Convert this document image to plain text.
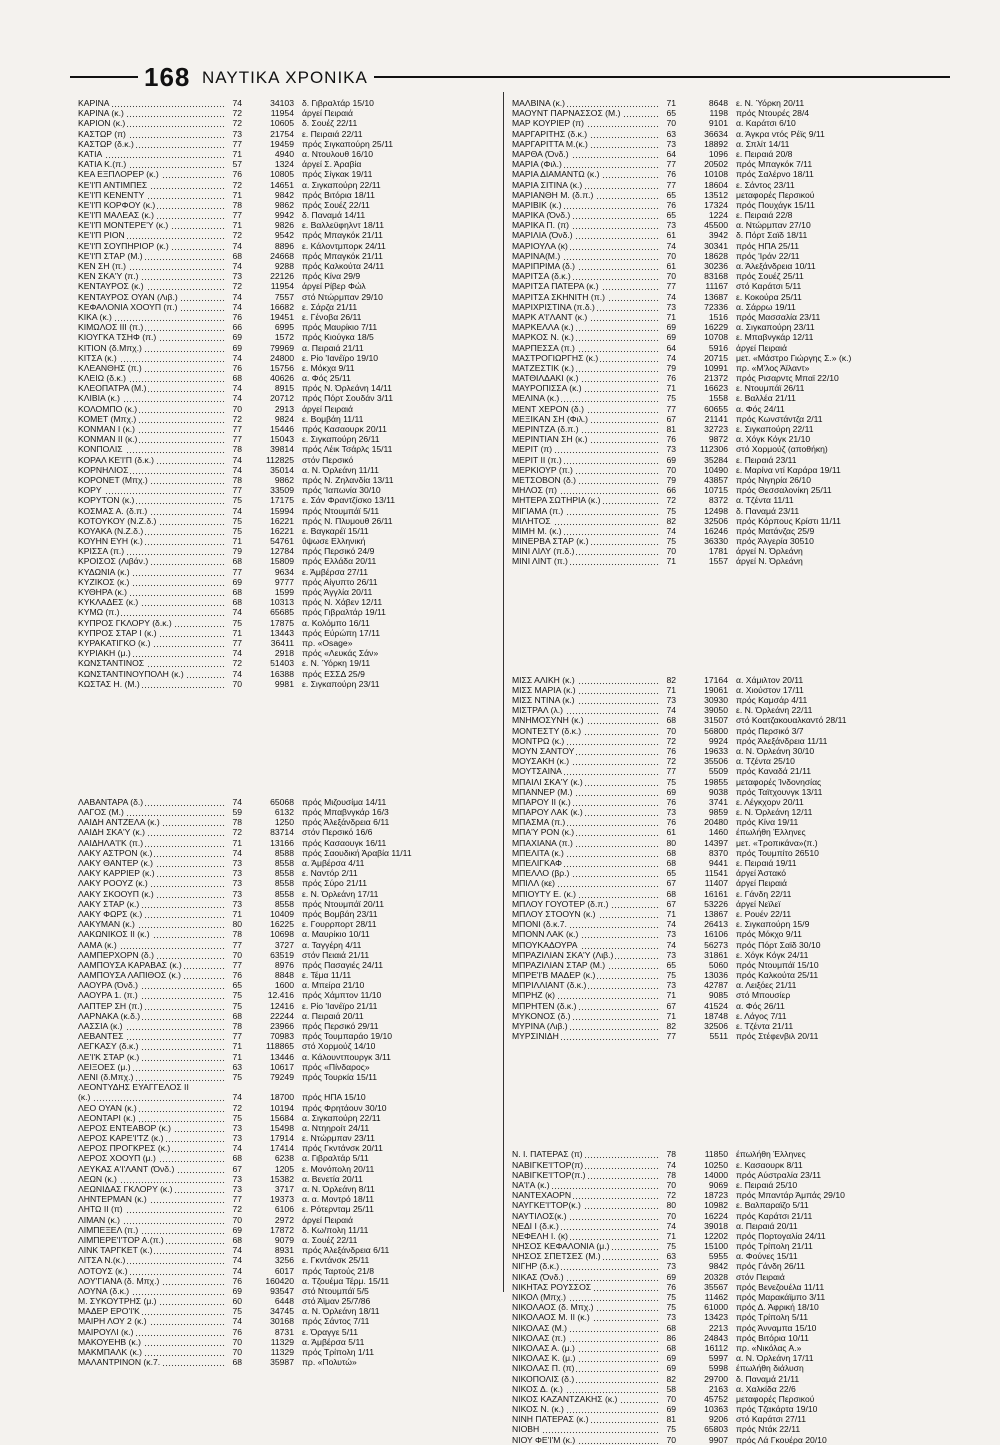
168 ΝΑΥΤΙΚΑ ΧΡΟΝΙΚΑ
ΚΑΡΙΝΑ	74	34103 δ. Γιβραλτάρ 15/10
ΚΑΡΙΝΑ (κ.)	72	11954 άργεί Πειραιά
ΚΑΡΙΟΝ (κ.)	72	10605 δ. Σουέζ 22/11
ΚΑΣΤΩΡ (π)	73	21754 ε. Πειραιά 22/11
ΚΑΣΤΩΡ (δ.κ.)	77	19459 πρός Σιγκαπούρη 25/11
ΚΑΤΙΑ	71	4940 α. Ντουλουθ 16/10
ΚΑΤΙΑ Κ.(π.)	57	1324 άργεί Σ. Άραβία
ΚΕΑ ΕΞΠΛΟΡΕΡ (κ.)	76	10805 πρός Σίγκακ 19/11
ΚΕ'Ι'Π ΑΝΤΙΜΠΕΣ	72	14651 α. Σιγκαπούρη 22/11
ΚΕ'Ι'Π ΚΕΝΕΝΤΥ	71	9842 πρός Βιτόρια 18/11
ΚΕ'Ι'Π ΚΟΡΦΟΥ (κ.)	78	9862 πρός Σουέζ 22/11
ΚΕ'Ι'Π ΜΑΛΕΑΣ (κ.)	77	9942 δ. Παναμά 14/11
ΚΕ'Ι'Π ΜΟΝΤΕΡΕ'Υ (κ.)	71	9826 ε. Βαλλεϋφηλντ 18/11
ΚΕ'Ι'Π ΡΙΟΝ	72	9542 πρός Μπαγκόκ 21/11
ΚΕ'Ι'Π ΣΟΥΠΗΡΙΟΡ (κ.)	74	8896 ε. Κάλοντμπορκ 24/11
ΚΕ'Ι'Π ΣΤΑΡ (Μ.)	68	24668 πρός Μπαγκόκ 21/11
ΚΕΝ ΣΗ (π.)	74	9288 πρός Καλκούτα 24/11
ΚΕΝ ΣΚΑ'Υ (π.)	73	22126 πρός Κίνα 29/9
ΚΕΝΤΑΥΡΟΣ (κ.)	72	11954 άργεί Ρίβερ Φώλ
ΚΕΝΤΑΥΡΟΣ ΟΥΑΝ (Λιβ.)	74	7557 στό Ντώρμπαν 29/10
ΚΕΦΑΛΟΝΙΑ ΧΟΟΥΠ (π.)	74	16682 ε. Σάρζα 21/11
ΚΙΚΑ (κ.)	76	19451 ε. Γένοβα 26/11
ΚΙΜΩΛΟΣ ΙΙΙ (π.)	66	6995 πρός Μαυρίκιο 7/11
ΚΙΟΥΓΚΑ ΤΣΗΦ (π.)	69	1572 πρός Κιούγκα 18/5
ΚΙΤΙΟΝ (δ.Μπχ.)	69	79969 α. Πειραιά 21/11
ΚΙΤΣΑ (κ.)	74	24800 ε. Ρίο 'Ιανέϊρο 19/10
ΚΛΕΑΝΘΗΣ (π.)	76	15756 ε. Μόκχα 9/11
ΚΛΕΙΩ (δ.κ.)	68	40626 α. Φός 25/11
ΚΛΕΟΠΑΤΡΑ (Μ.)	74	8915 πρός Ν. Όρλεάνη 14/11
ΚΛΙΒΙΑ (κ.)	74	20712 πρός Πόρτ Σουδάν 3/11
ΚΟΛΟΜΠΟ (κ.)	70	2913 άργεί Πειραιά
ΚΟΜΕΤ (Μπχ.)	72	9824 ε. Βομβάη 11/11
ΚΟΝΜΑΝ Ι (κ.)	77	15446 πρός Κασαουρκ 20/11
ΚΟΝΜΑΝ ΙΙ (κ.)	77	15043 ε. Σιγκαπούρη 26/11
ΚΟΝΠΟΛΙΣ	78	39814 πρός Λέικ Τσάρλς 15/11
ΚΟΡΑΛ ΚΕ'Ι'Π (δ.κ.)	74	112825 στόν Περσικό
ΚΟΡΝΗΛΙΟΣ	74	35014 α. Ν. Όρλεάνη 11/11
ΚΟΡΟΝΕΤ (Μπχ.)	78	9862 πρός Ν. Ζηλανδία 13/11
ΚΟΡΥ	77	33509 πρός 'Ιαπωνία 30/10
ΚΟΡΥΤΟΝ (κ.)	75	17175 ε. Σάν Φραντζίσκο 13/11
ΚΟΣΜΑΣ Α. (δ.π.)	74	15994 πρός Ντουμπάϊ 5/11
ΚΟΤΟΥΚΟΥ (Ν.Ζ.δ.)	75	16221 πρός Ν. Πλυμουθ 26/11
ΚΟΥΑΚΑ (Ν.Ζ.δ.)	75	16221 ε. Βαγκαρέϊ 15/11
ΚΟΥΗΝ ΕΥΗ (κ.)	71	54761 ΰψωσε Ελληνική
ΚΡΙΣΣΑ (π.)	79	12784 πρός Περσικό 24/9
ΚΡΟΙΣΟΣ (Λιβάν.)	68	15809 πρός Ελλάδα 20/11
ΚΥΔΩΝΙΑ (κ.)	77	9634 ε. Άμβέρσα 27/11
ΚΥΖΙΚΟΣ (κ.)	69	9777 πρός Αίγυπτο 26/11
ΚΥΘΗΡΑ (κ.)	68	1599 πρός Άγγλία 20/11
ΚΥΚΛΑΔΕΣ (κ.)	68	10313 πρός Ν. Χάβεν 12/11
ΚΥΜΩ (π.)	74	65685 πρός Γιβραλτάρ 19/11
ΚΥΠΡΟΣ ΓΚΛΟΡΥ (δ.κ.)	75	17875 α. Κολόμπο 16/11
ΚΥΠΡΟΣ ΣΤΑΡ Ι (κ.)	71	13443 πρός Εύρώπη 17/11
ΚΥΡΑΚΑΤΙΓΚΟ (κ.)	77	36411 πρ. «Osage»
ΚΥΡΙΑΚΗ (μ.)	74	2918 πρός «Λευκάς Σάν»
ΚΩΝΣΤΑΝΤΙΝΟΣ	72	51403 ε. Ν. Ύόρκη 19/11
ΚΩΝΣΤΑΝΤΙΝΟΥΠΟΛΗ (κ.)	74	16388 πρός ΕΣΣΔ 25/9
ΚΩΣΤΑΣ Η. (Μ.)	70	9981 ε. Σιγκαπούρη 23/11
ΛΑΒΑΝΤΑΡΑ (δ.)	74	65068 πρός Μιζουσίμα 14/11
ΛΑΓΟΣ (Μ.)	59	6132 πρός Μπαβνγκάρ 16/3
ΛΑΙΔΗ ΑΝΤΖΕΛΑ (κ.)	78	1250 πρός Άλεξάνδρεια 6/11
ΛΑΙΔΗ ΣΚΑ'Υ (κ.)	72	83714 στόν Περσικό 16/6
ΛΑΙΔΗΛΑ'Ι'Κ (π.)	71	13166 πρός Κασαουγκ 16/11
ΛΑΚΥ ΑΣΤΡΟΝ (κ.)	74	8588 πρός Σαουδική Άραβία 11/11
ΛΑΚΥ ΘΑΝΤΕΡ (κ.)	73	8558 α. Άμβέρσα 4/11
ΛΑΚΥ ΚΑΡΡΙΕΡ (κ.)	73	8558 ε. Ναντόρ 2/11
ΛΑΚΥ ΡΟΟΥΖ (κ.)	73	8558 πρός Σύρο 21/11
ΛΑΚΥ ΣΚΟΟΥΠ (κ.)	73	8558 ε. Ν. Όρλεάνη 17/11
ΛΑΚΥ ΣΤΑΡ (κ.)	73	8558 πρός Ντουμπάϊ 20/11
ΛΑΚΥ ΦΩΡΣ (κ.)	71	10409 πρός Βομβάη 23/11
ΛΑΚΥΜΑΝ (κ.)	80	16225 ε. Γουρρπορτ 28/11
ΛΑΚΩΝΙΚΟΣ ΙΙ (κ.)	78	10698 α. Μαυρίκιο 10/11
ΛΑΜΑ (κ.)	77	3727 α. Ταγγέρη 4/11
ΛΑΜΠΕΡΧΟΡΝ (δ.)	70	63519 στόν Πειαιά 21/11
ΛΑΜΠΟΥΣΑ ΚΑΡΑΒΑΣ (κ.)	77	8976 πρός Πασαγιές 24/11
ΛΑΜΠΟΥΣΑ ΛΑΠΙΘΟΣ (κ.)	76	8848 ε. Τέμα 11/11
ΛΑΟΥΡΑ (Όνδ.)	65	1600 α. Μπείρα 21/10
ΛΑΟΥΡΑ 1. (π.)	75	12.416 πρός Χάμπτον 11/10
ΛΑΠΤΕΡ ΣΗ (π.)	75	12416 ε. Ρίο 'Ιανέϊρο 21/11
ΛΑΡΝΑΚΑ (κ.δ.)	68	22244 α. Πειραιά 20/11
ΛΑΣΣΙΑ (κ.)	78	23966 πρός Περσικό 29/11
ΛΕΒΑΝΤΕΣ	77	70983 πρός Τουμπαράο 19/10
ΛΕΓΚΑΣΥ (δ.κ.)	71	118865 στό Χορμούζ 14/10
ΛΕ'Ι'Κ ΣΤΑΡ (κ.)	71	13446 α. Κάλουντπουργκ 3/11
ΛΕΙΞΟΕΣ (μ.)	63	10617 πρός «Πίνδαρος»
ΛΕΝΙ (δ.Μπχ.)	75	79249 πρός Τουρκία 15/11
ΛΕΟΝΤΥΔΗΣ ΕΥΑΓΓΕΛΟΣ ΙΙ
(κ.)	74	18700 πρός ΗΠΑ 15/10
ΛΕΟ ΟΥΑΝ (κ.)	72	10194 πρός Φρητάουν 30/10
ΛΕΟΝΤΑΡΙ (κ.)	75	15684 α. Σιγκαπούρη 22/11
ΛΕΡΟΣ ΕΝΤΕΑΒΟΡ (κ.)	73	15498 α. Ντηηροίτ 24/11
ΛΕΡΟΣ ΚΑΡΕ'Ι'ΤΖ (κ.)	73	17914 ε. Ντώρμπαν 23/11
ΛΕΡΟΣ ΠΡΟΓΚΡΕΣ (κ.)	74	17414 πρός Γκντάνσκ 20/11
ΛΕΡΟΣ ΧΟΟΥΠ (μ.)	68	6238 α. Γιβραλτάρ 5/11
ΛΕΥΚΑΣ Α'Ι'ΛΑΝΤ (Όνδ.)	67	1205 ε. Μονόπολη 20/11
ΛΕΩΝ (κ.)	73	15382 α. Βενετία 20/11
ΛΕΩΝΙΔΑΣ ΓΚΛΟΡΥ (κ.)	73	3717 α. Ν. Όρλεάνη 8/11
ΛΗΝΤΕΡΜΑΝ (κ.)	77	19373 α. α. Μοντρό 18/11
ΛΗΤΩ ΙΙ (π)	72	6106 ε. Ρότερνταμ 25/11
ΛΙΜΑΝ (κ.)	70	2972 άργεί Πειραιά
ΛΙΜΠΕΞΕΛ (π.)	69	17872 δ. Κω/πολη 11/11
ΛΙΜΠΕΡΕ'Ι'ΤΟΡ Α.(π.)	68	9079 α. Σουέζ 22/11
ΛΙΝΚ ΤΑΡΓΚΕΤ (κ.)	74	8931 πρός Άλεξάνδρεια 6/11
ΛΙΤΣΑ Ν.(κ.)	74	3256 ε. Γκντάνσκ 25/11
ΛΟΤΟΥΣ (κ.)	74	6017 πρός Ταρτούς 21/8
ΛΟΥ'ΓΙΑΝΑ (δ. Μπχ.)	76	160420 α. Τζουέμα Τέρμ. 15/11
ΛΟΥΝΑ (δ.κ.)	69	93547 στό Ντουμπάϊ 5/5
Μ. ΣΥΚΟΥΤΡΗΣ (μ.)	60	6448 στό Άϊμαν 25/7/86
ΜΑΔΕΡ ΕΡΟ'Ι'Κ	75	34745 α. Ν. Όρλεάνη 18/11
ΜΑΙΡΗ ΛΟΥ 2 (κ.)	74	30168 πρός Σάντος 7/11
ΜΑΙΡΟΥΛΙ (κ.)	76	8731 ε. Όραγγε 5/11
ΜΑΚΟΥΕΗΒ (κ.)	70	11329 α. Άμβέρσα 5/11
ΜΑΚΜΠΑΛΚ (κ.)	70	11329 πρός Τρίπολη 1/11
ΜΑΛΑΝΤΡΙΝΟΝ (κ.7.	68	35987 πρ. «Πολυτώ»
ΜΑΛΒΙΝΑ (κ.)	71	8648 ε. Ν. Ύόρκη 20/11
ΜΑΟΥΝΤ ΠΑΡΝΑΣΣΟΣ (Μ.)	65	1198 πρός Ντουρές 28/4
ΜΑΡ ΚΟΥΡΙΕΡ (π)	70	9101 α. Καράτσι 6/10
ΜΑΡΓΑΡΙΤΗΣ (δ.κ.)	63	36634 α. Άγκρα ντός Ρέϊς 9/11
ΜΑΡΓΑΡΙΤΤΑ Μ.(κ.)	73	18892 α. Σπλίτ 14/11
ΜΑΡΘΑ (Όνδ.)	64	1096 ε. Πειραιά 20/8
ΜΑΡΙΑ (Φιλ.)	77	20502 πρός Μπαγκόκ 7/11
ΜΑΡΙΑ ΔΙΑΜΑΝΤΩ (κ.)	76	10108 πρός Σαλέρνο 18/11
ΜΑΡΙΑ ΣΙΤΙΝΑ (κ.)	77	18604 ε. Σάντος 23/11
ΜΑΡΙΑΝΘΗ Μ. (δ.π.)	65	13512 μεταφορές Περσικού
ΜΑΡΙΒΙΚ (κ.)	76	17324 πρός Πουχάγκ 15/11
ΜΑΡΙΚΑ (Όνδ.)	65	1224 ε. Πειραιά 22/8
ΜΑΡΙΚΑ Π. (π)	73	45500 α. Ντώρμπαν 27/10
ΜΑΡΙΛΙΑ (Όνδ.)	61	3942 δ. Πόρτ Σαϊδ 18/11
ΜΑΡΙΟΥΛΑ (κ)	74	30341 πρός ΗΠΑ 25/11
ΜΑΡΙΝΑ(Μ.)	70	18628 πρός 'Ιράν 22/11
ΜΑΡΙΠΡΙΜΑ (δ.)	61	30236 α. Άλεξάνδρεια 10/11
ΜΑΡΙΤΣΑ (δ.κ.)	70	83168 πρός Σουέζ 25/11
ΜΑΡΙΤΣΑ ΠΑΤΕΡΑ (κ.)	77	11167 στό Καράτσι 5/11
ΜΑΡΙΤΣΑ ΣΚΗΝΙΤΗ (π.)	74	13687 ε. Κοκούρα 25/11
ΜΑΡΙΧΡΙΣΤΙΝΑ (π.δ.)	73	72336 α. Σάρρω 19/11
ΜΑΡΚ Α'Ι'ΛΑΝΤ (κ.)	71	1516 πρός Μασσαλία 23/11
ΜΑΡΚΕΛΛΑ (κ.)	69	16229 α. Σιγκαπούρη 23/11
ΜΑΡΚΟΣ Ν. (κ.)	69	10708 ε. Μπαβνγκάρ 12/11
ΜΑΡΠΕΣΣΑ (π.)	64	5916 άργεί Πειραιά
ΜΑΣΤΡΟΓΙΩΡΓΗΣ (κ.)	74	20715 μετ. «Μάστρο Γιώργης Σ.» (κ.)
ΜΑΤΖΕΣΤΙΚ (κ.)	79	10991 πρ. «Μ'λος Άϊλαντ»
ΜΑΤΘΙΛΔΑΚΙ (κ.)	76	21372 πρός Ρισαρντς Μπαϊ 22/10
ΜΑΥΡΟΠΙΣΣΑ (κ.)	71	16623 ε. Ντουμπάϊ 26/11
ΜΕΛΙΝΑ (κ.)	75	1558 ε. Βαλλέα 21/11
ΜΕΝΤ ΧΕΡΟΝ (δ.)	77	60655 α. Φός 24/11
ΜΕΞΙΚΑΝ ΣΗ (Φιλ.)	67	21141 πρός Κωνστάντζα 2/11
ΜΕΡΙΝΤΖΑ (δ.π.)	81	32723 ε. Σιγκαπούρη 22/11
ΜΕΡΙΝΤΙΑΝ ΣΗ (κ.)	76	9872 α. Χόγκ Κόγκ 21/10
ΜΕΡΙΤ (π)	73	112306 στό Χορμούζ (αποθήκη)
ΜΕΡΙΤ ΙΙ (π.)	69	35284 ε. Πειραιά 23/11
ΜΕΡΚΙΟΥΡ (π.)	70	10490 ε. Μαρίνα ντί Καράρα 19/11
ΜΕΤΣΟΒΟΝ (δ.)	79	43857 πρός Νιγηρία 26/10
ΜΗΛΟΣ (π)	66	10715 πρός Θεσσαλονίκη 25/11
ΜΗΤΕΡΑ ΣΩΤΗΡΙΑ (κ.)	72	8372 α. Τζέντα 11/11
ΜΙΓΙΑΜΑ (π.)	75	12498 δ. Παναμά 23/11
ΜΙΛΗΤΟΣ	82	32506 πρός Κόρπους Κρίστι 11/11
ΜΙΜΗ Μ. (κ.)	74	16246 πρός Ματάνζας 25/9
ΜΙΝΕΡΒΑ ΣΤΑΡ (κ.)	75	36330 πρός Άλγερία 30510
ΜΙΝΙ ΛΙΛΥ (π.δ.)	70	1781 άργεί Ν. Όρλεάνη
ΜΙΝΙ ΛΙΝΤ (π.)	71	1557 άργεί Ν. Όρλεάνη
ΜΙΣΣ ΑΛΙΚΗ (κ.)	82	17164 α. Χάμιλτον 20/11
ΜΙΣΣ ΜΑΡΙΑ (κ.)	71	19061 α. Χιούστον 17/11
ΜΙΣΣ ΝΤΙΝΑ (κ.)	73	30930 πρός Καμσάρ 4/11
ΜΙΣΤΡΑΛ (λ.)	74	39050 ε. Ν. Όρλεάνη 22/11
ΜΝΗΜΟΣΥΝΗ (κ.)	68	31507 στό Κοατζακουαλκαντό 28/11
ΜΟΝΤΕΣΤΥ (δ.κ.)	70	56800 πρός Περσικό 3/7
ΜΟΝΤΡΩ (κ.)	72	9924 πρός Άλεξάνδρεια 11/11
ΜΟΥΝ ΣΑΝΤΟΥ	76	19633 α. Ν. Όρλεάνη 30/10
ΜΟΥΣΑΚΗ (κ.)	72	35506 α. Τζέντα 25/10
ΜΟΥΤΣΑΙΝΑ	77	5509 πρός Καναδά 21/11
ΜΠΑΙΛΙ ΣΚΑ'Υ (κ.)	75	19855 μεταφορές Ίνδονησίας
ΜΠΑΝΝΕΡ (Μ.)	69	9038 πρός Ταϊτχουνγκ 13/11
ΜΠΑΡΟΥ ΙΙ (κ.)	76	3741 ε. Λέγκχορν 20/11
ΜΠΑΡΟΥ ΛΑΚ (κ.)	73	9859 ε. Ν. Όρλεάνη 12/11
ΜΠΑΣΜΑ (π.)	76	20480 πρός Κίνα 19/11
ΜΠΑ'Υ ΡΟΝ (κ.)	61	1460 έπωλήθη Έλληνες
ΜΠΑΧΙΑΝΑ (π.)	80	14397 μετ. «Τροπικάνα»(π.)
ΜΠΕΛΙΤΑ (κ.)	68	8370 πρός Τουμπίτο 26510
ΜΠΕΛΙΓΚΑΦ	68	9441 ε. Πειραιά 19/11
ΜΠΕΛΛΟ (βρ.)	65	11541 άργεί Άστακό
ΜΠΙΛΛ (κε)	67	11407 άργεί Πειραιά
ΜΠΙΟΥΤΥ Ε. (κ.)	68	16161 ε. Γάνδη 22/11
ΜΠΛΟΥ ΓΟΥΟΤΕΡ (δ.π.)	67	53226 άργεί Νεϊλεϊ
ΜΠΛΟΥ ΣΤΟΟΥΝ (κ.)	71	13867 ε. Ρουέν 22/11
ΜΠΟΝΙ (δ.κ.7.	74	26413 ε. Σιγκαπούρη 15/9
ΜΠΟΝΝ ΛΑΚ (κ.)	73	16106 πρός Μόκχο 9/11
ΜΠΟΥΚΑΔΟΥΡΑ	74	56273 πρός Πόρτ Σαϊδ 30/10
ΜΠΡΑΖΙΛΙΑΝ ΣΚΑ'Υ (Λιβ.)	73	31861 ε. Χόγκ Κόγκ 24/11
ΜΠΡΑΖΙΛΙΑΝ ΣΤΑΡ (Μ.)	65	5060 πρός Ντουμπάϊ 15/10
ΜΠΡΕ'Ι'Β ΜΑΔΕΡ (κ.)	75	13036 πρός Καλκούτα 25/11
ΜΠΡΙΛΛΙΑΝΤ (δ.κ.)	73	42787 α. Λειξόες 21/11
ΜΠΡΗΖ (κ)	71	9085 στό Μπουσίερ
ΜΠΡΗΤΕΝ (δ.κ.)	67	41524 α. Φός 26/11
ΜΥΚΟΝΟΣ (δ.)	71	18748 ε. Λάγος 7/11
ΜΥΡΙΝΑ (Λιβ.)	82	32506 ε. Τζέντα 21/11
ΜΥΡΣΙΝΙΔΗ	77	5511 πρός Στέφενβιλ 20/11
Ν. Ι. ΠΑΤΕΡΑΣ (π)	78	11850 έπωλήθη Έλληνες
ΝΑΒΙΓΚΕ'Ι'ΤΟΡ(π)	74	10250 ε. Κασαουρκ 8/11
ΝΑΒΙΓΚΕ'Ι'ΤΟΡ(π.)	78	14000 πρός Αύστραλία 23/11
ΝΑ'Ι'Α (κ.)	70	9069 ε. Πειραιά 25/10
ΝΑΝΤΕΧΑΟΡΝ	72	18723 πρός Μπαντάρ Άμπάς 29/10
ΝΑΥΓΚΕ'Ι'ΤΟΡ(κ.)	80	10982 ε. Βαλπαραϊζο 5/11
ΝΑΥΤΙΛΟΣ(κ.)	70	16224 πρός Καράτσι 21/11
ΝΕΔΙ Ι (δ.κ.)	74	39018 α. Πειραιά 20/11
ΝΕΦΕΛΗ Ι. (κ)	71	12202 πρός Πορτογαλία 24/11
ΝΗΣΟΣ ΚΕΦΑΛΟΝΙΑ (μ.)	75	15100 πρός Τρίπολη 21/11
ΝΗΣΟΣ ΣΠΕΤΣΕΣ (Μ.)	63	5955 α. Φούνες 15/11
ΝΙΓΗΡ (δ.κ.)	73	9842 πρός Γάνδη 26/11
ΝΙΚΑΣ (Όνδ.)	69	20328 στόν Πειραιά
ΝΙΚΗΤΑΣ ΡΟΥΣΣΟΣ	76	35567 πρός Βενεζουέλα 11/11
ΝΙΚΟΛ (Μπχ.)	75	11462 πρός Μαρακάϊμπο 3/11
ΝΙΚΟΛΑΟΣ (δ. Μπχ.)	75	61000 πρός Δ. Άφρική 18/10
ΝΙΚΟΛΑΟΣ Μ. ΙΙ (κ.)	73	13423 πρός Τρίπολη 5/11
ΝΙΚΟΛΑΣ (Μ.)	68	2213 πρός Άνναμπα 15/10
ΝΙΚΟΛΑΣ (π.)	86	24843 πρός Βιτόρια 10/11
ΝΙΚΟΛΑΣ Α. (μ.)	68	16112 πρ. «Νικόλας Α.»
ΝΙΚΟΛΑΣ Κ. (μ.)	69	5997 α. Ν. Όρλεάνη 17/11
ΝΙΚΟΛΑΣ Π. (π)	69	5998 έπωλήθη διάλυση
ΝΙΚΟΠΟΛΙΣ (δ.)	82	29700 δ. Παναμά 21/11
ΝΙΚΟΣ Δ. (κ.)	58	2163 α. Χαλκίδα 22/6
ΝΙΚΟΣ ΚΑΖΑΝΤΖΑΚΗΣ (κ.)	70	45752 μεταφορές Περσικού
ΝΙΚΟΣ Ν. (κ.)	69	10363 πρός Τζακάρτα 19/10
ΝΙΝΗ ΠΑΤΕΡΑΣ (κ.)	81	9206 στό Καράτσι 27/11
ΝΙΟΒΗ	75	65803 πρός Ντάκ 22/11
ΝΙΟΥ ΦΕ'Ι'Μ (κ.)	70	9907 πρός Λά Γκουέρα 20/10
